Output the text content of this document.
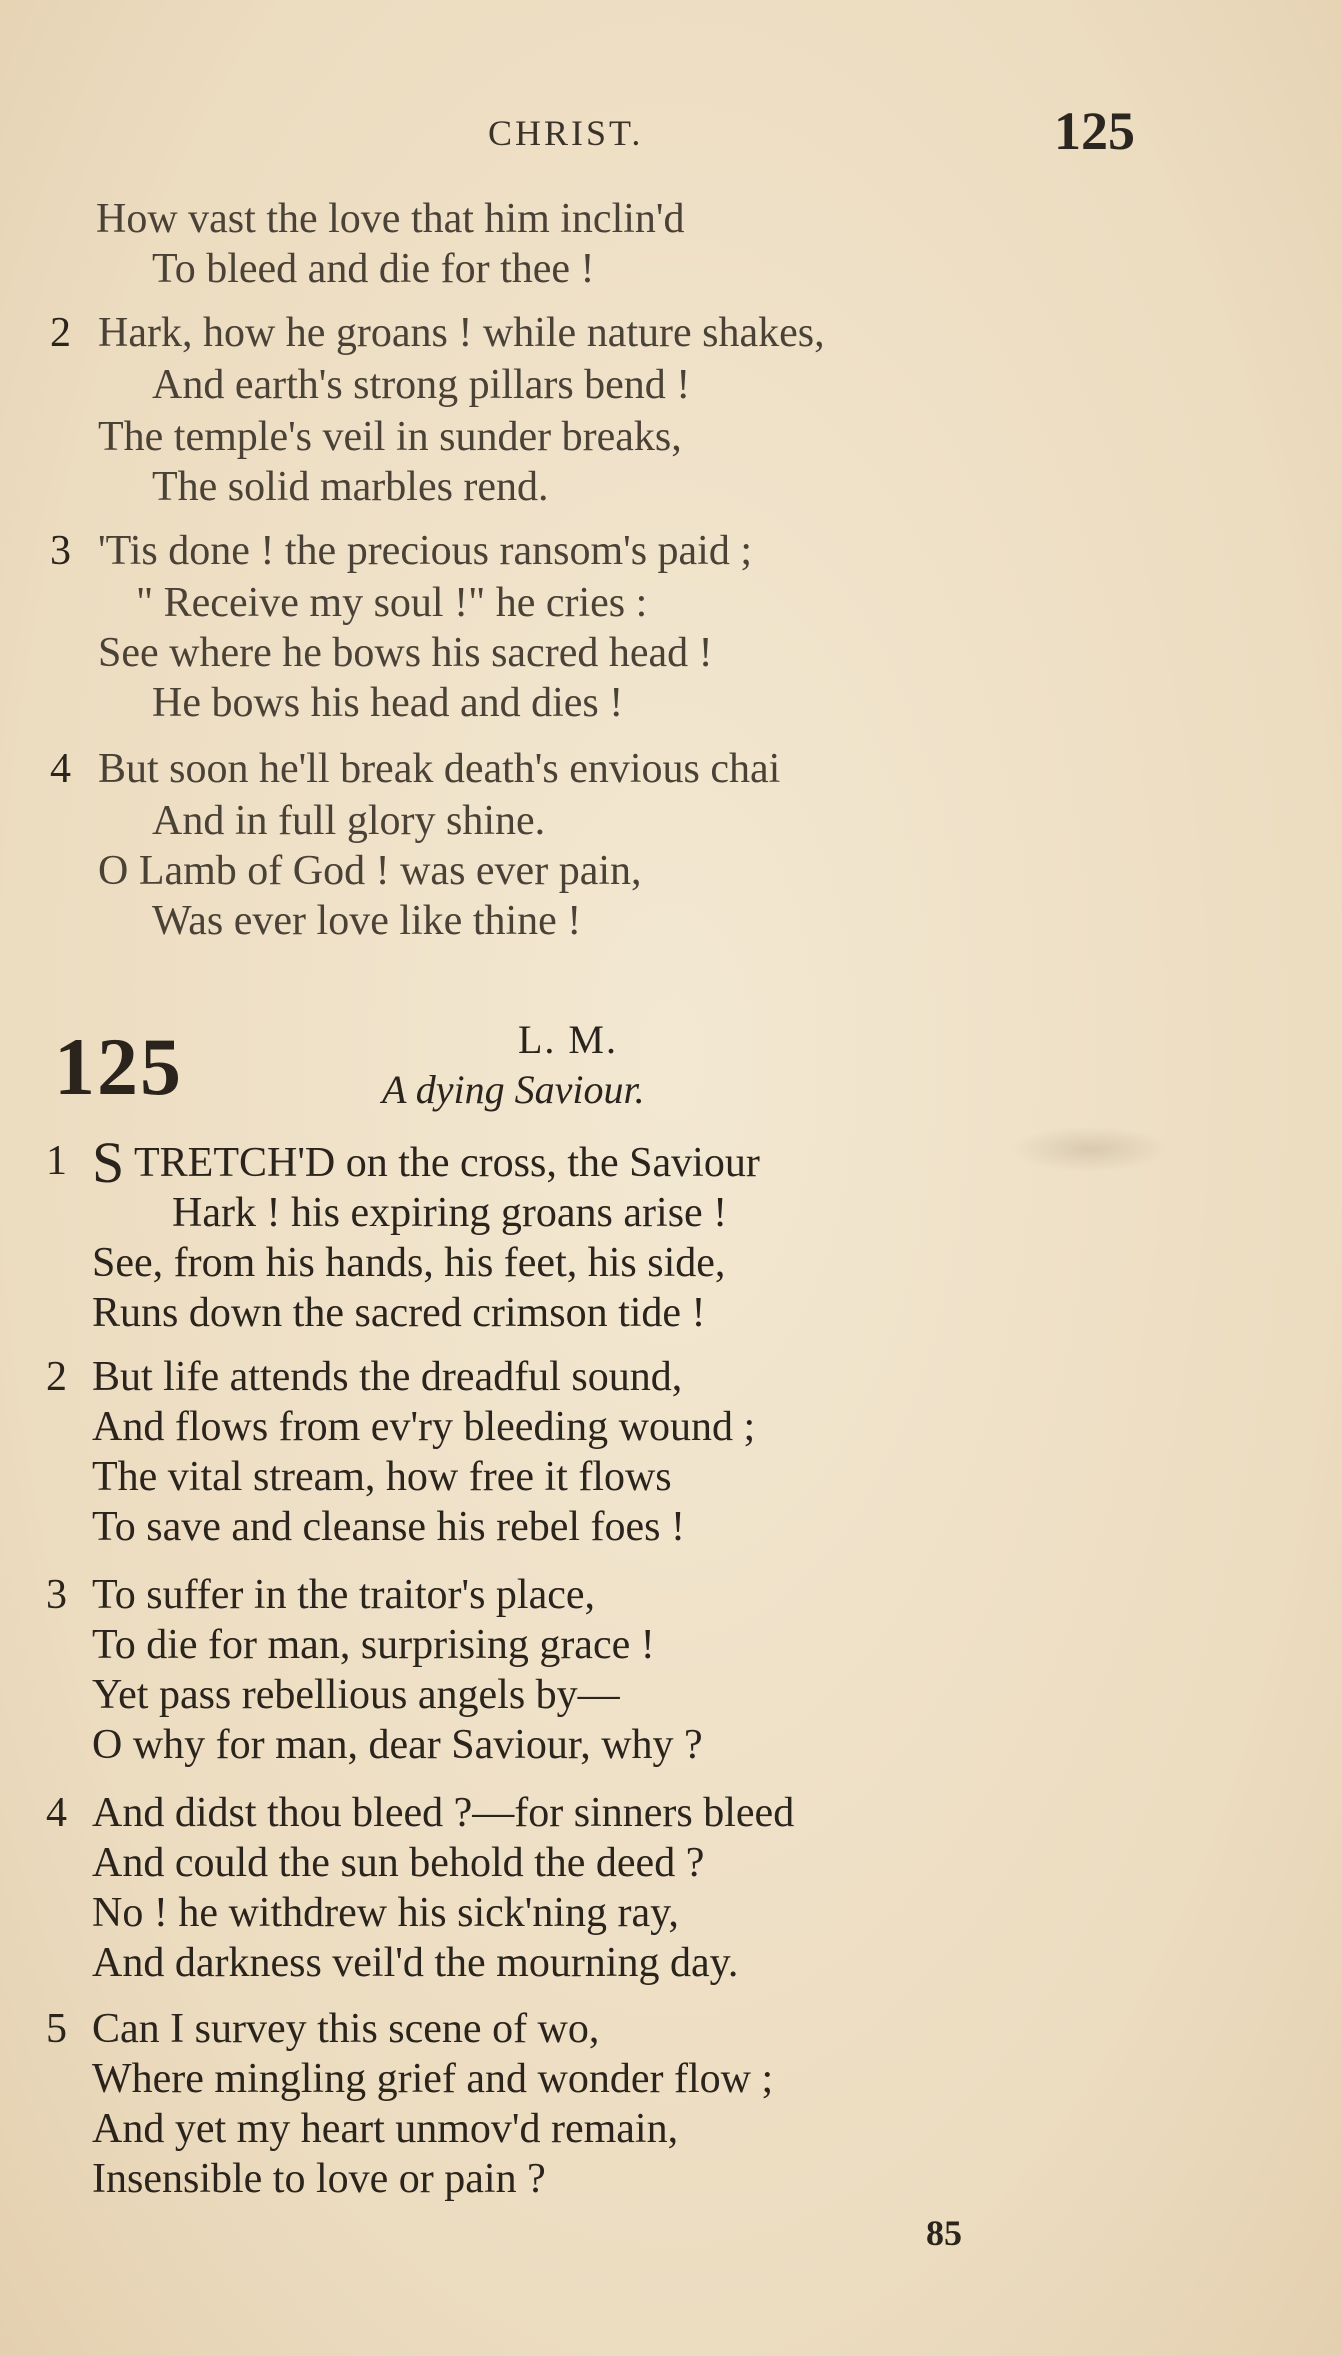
CHRIST.	125
How vast the love that him inclin'd
To bleed and die for thee !
2 Hark, how he groans ! while nature shakes,
And earth's strong pillars bend !
The temple's veil in sunder breaks,
The solid marbles rend.
3 'Tis done ! the precious ransom's paid ;
" Receive my soul !" he cries :
See where he bows his sacred head !
He bows his head and dies !
4 But soon he'll break death's envious chai
And in full glory shine.
O Lamb of God ! was ever pain,
Was ever love like thine !
125	L. M.
A dying Saviour.
1 S TRETCH'D on the cross, the Saviour
Hark ! his expiring groans arise !
See, from his hands, his feet, his side,
Runs down the sacred crimson tide !
2 But life attends the dreadful sound,
And flows from ev'ry bleeding wound ;
The vital stream, how free it flows
To save and cleanse his rebel foes !
3 To suffer in the traitor's place,
To die for man, surprising grace !
Yet pass rebellious angels by—
O why for man, dear Saviour, why ?
4 And didst thou bleed ?—for sinners bleed
And could the sun behold the deed ?
No ! he withdrew his sick'ning ray,
And darkness veil'd the mourning day.
5 Can I survey this scene of wo,
Where mingling grief and wonder flow ;
And yet my heart unmov'd remain,
Insensible to love or pain ?
85
